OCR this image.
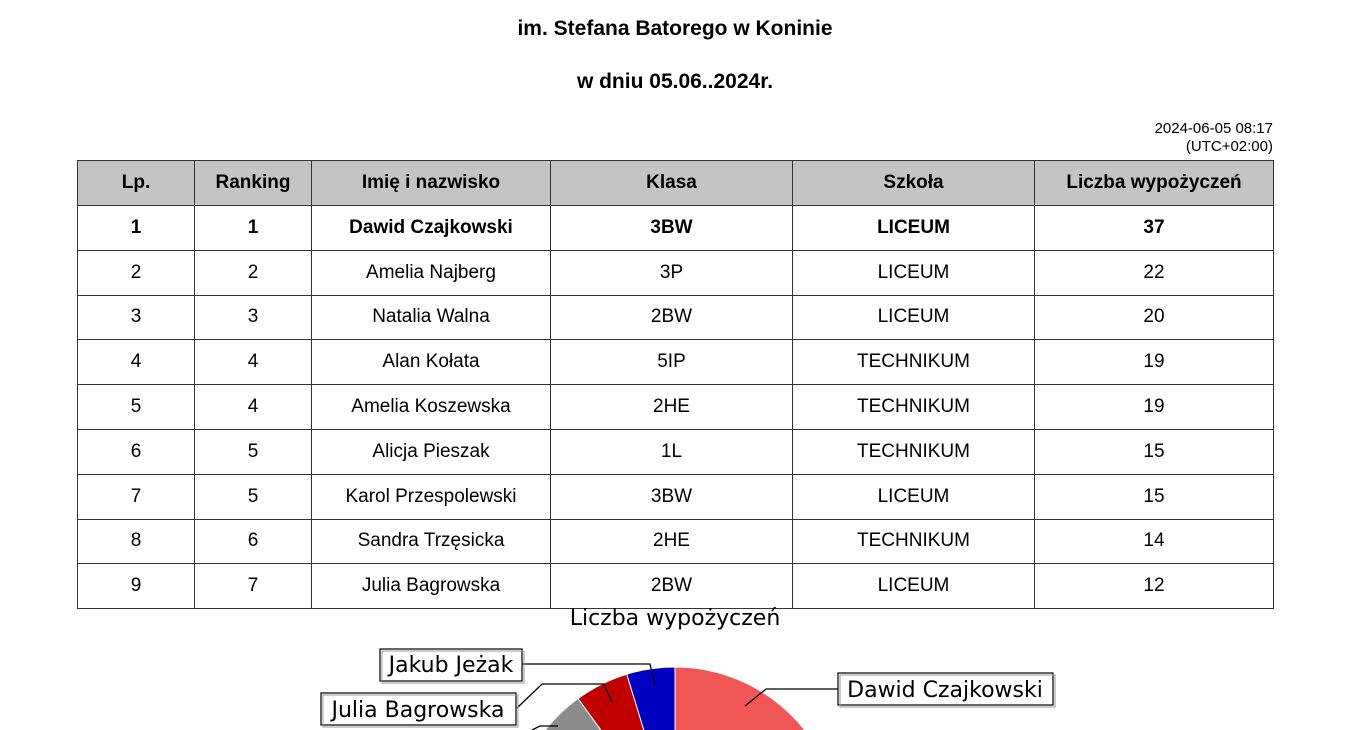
im. Stefana Batorego w Koninie
w dniu 05.06..2024r.
2024-06-05 08:17
(UTC+02:00)
Lp.	Ranking	Imię i nazwisko	Klasa	Szkoła	Liczba wypożyczeń
1	1	Dawid Czajkowski	3BW	LICEUM	37
2	2	Amelia Najberg	3P	LICEUM	22
3	3	Natalia Walna	2BW	LICEUM	20
4	4	Alan Kołata	5IP	TECHNIKUM	19
5	4	Amelia Koszewska	2HE	TECHNIKUM	19
6	5	Alicja Pieszak	1L	TECHNIKUM	15
7	5	Karol Przespolewski	3BW	LICEUM	15
8	6	Sandra Trzęsicka	2HE	TECHNIKUM	14
9	7	Julia Bagrowska	2BW	LICEUM	12
Liczba wypożyczeń
Jakub Jeżak
Julia Bagrowska
Dawid Czajkowski
